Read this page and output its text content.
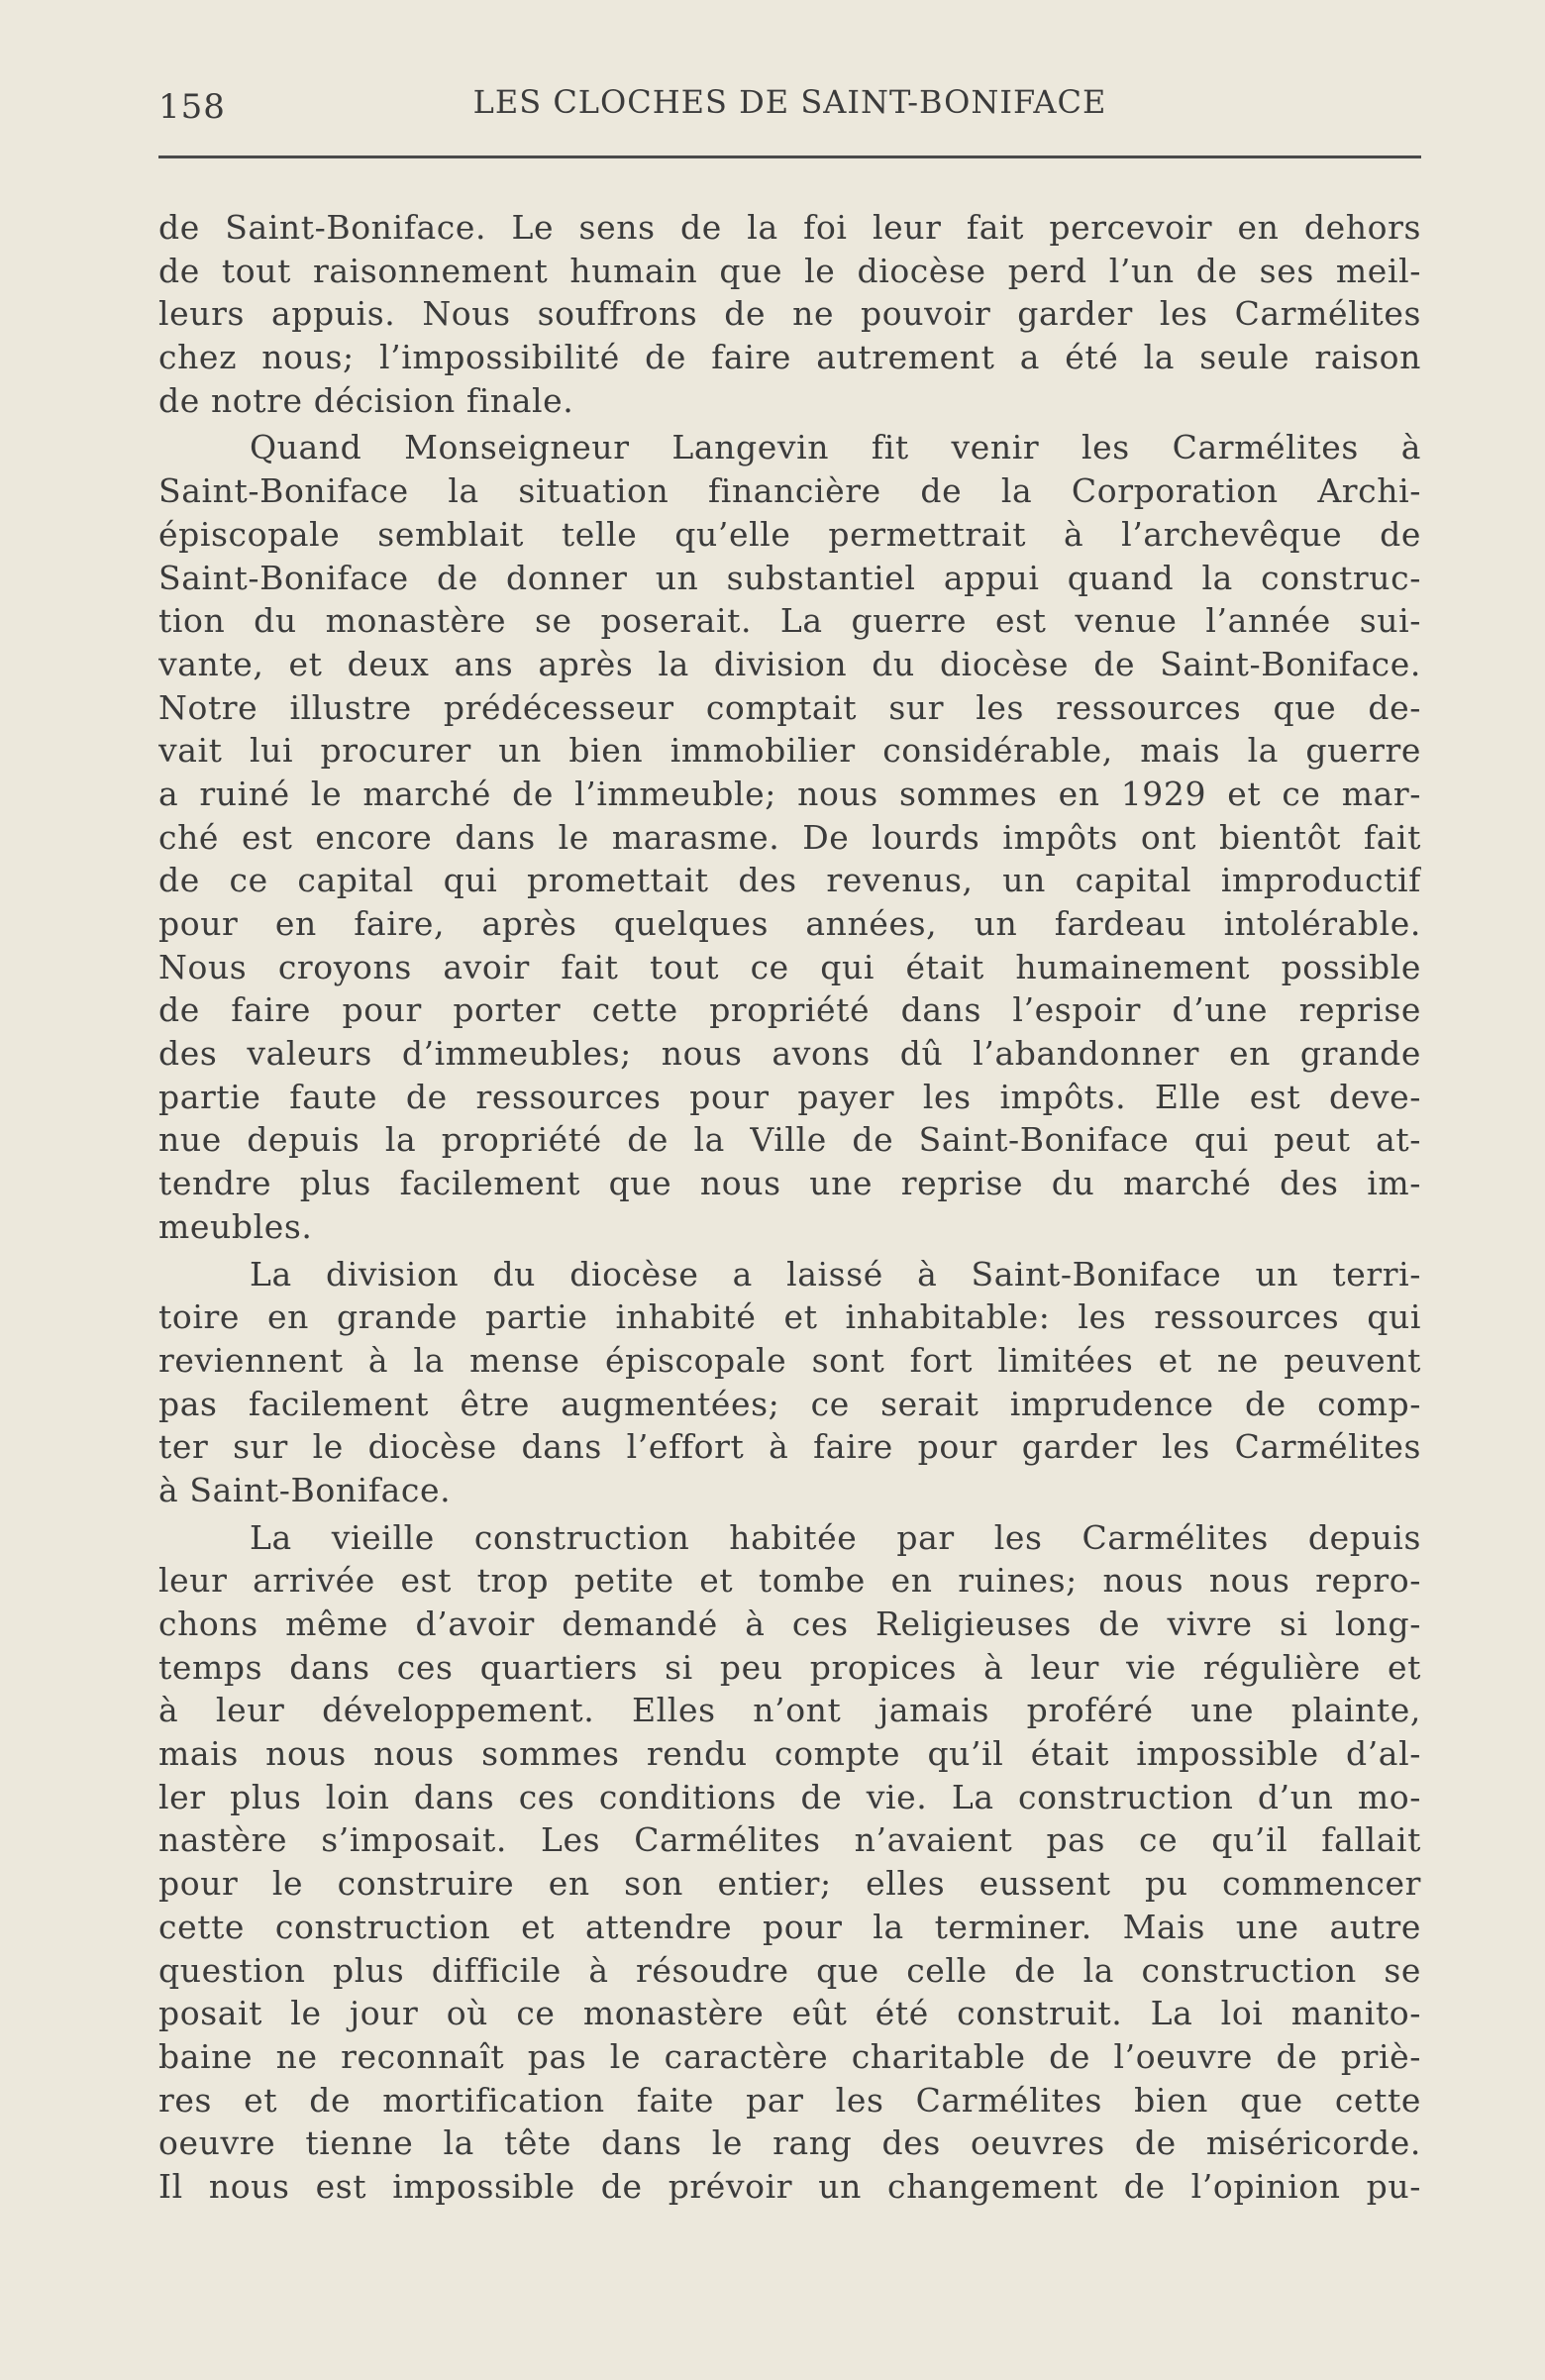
158	LES CLOCHES DE SAINT-BONIFACE
de Saint-Boniface. Le sens de la foi leur fait percevoir en dehors
de tout raisonnement humain que le diocèse perd l’un de ses meil-
leurs appuis. Nous souffrons de ne pouvoir garder les Carmélites
chez nous; l’impossibilité de faire autrement a été la seule raison
de notre décision finale.
Quand Monseigneur Langevin fit venir les Carmélites à
Saint-Boniface la situation financière de la Corporation Archi-
épiscopale semblait telle qu’elle permettrait à l’archevêque de
Saint-Boniface de donner un substantiel appui quand la construc-
tion du monastère se poserait. La guerre est venue l’année sui-
vante, et deux ans après la division du diocèse de Saint-Boniface.
Notre illustre prédécesseur comptait sur les ressources que de-
vait lui procurer un bien immobilier considérable, mais la guerre
a ruiné le marché de l’immeuble; nous sommes en 1929 et ce mar-
ché est encore dans le marasme. De lourds impôts ont bientôt fait
de ce capital qui promettait des revenus, un capital improductif
pour en faire, après quelques années, un fardeau intolérable.
Nous croyons avoir fait tout ce qui était humainement possible
de faire pour porter cette propriété dans l’espoir d’une reprise
des valeurs d’immeubles; nous avons dû l’abandonner en grande
partie faute de ressources pour payer les impôts. Elle est deve-
nue depuis la propriété de la Ville de Saint-Boniface qui peut at-
tendre plus facilement que nous une reprise du marché des im-
meubles.
La division du diocèse a laissé à Saint-Boniface un terri-
toire en grande partie inhabité et inhabitable: les ressources qui
reviennent à la mense épiscopale sont fort limitées et ne peuvent
pas facilement être augmentées; ce serait imprudence de comp-
ter sur le diocèse dans l’effort à faire pour garder les Carmélites
à Saint-Boniface.
La vieille construction habitée par les Carmélites depuis
leur arrivée est trop petite et tombe en ruines; nous nous repro-
chons même d’avoir demandé à ces Religieuses de vivre si long-
temps dans ces quartiers si peu propices à leur vie régulière et
à leur développement. Elles n’ont jamais proféré une plainte,
mais nous nous sommes rendu compte qu’il était impossible d’al-
ler plus loin dans ces conditions de vie. La construction d’un mo-
nastère s’imposait. Les Carmélites n’avaient pas ce qu’il fallait
pour le construire en son entier; elles eussent pu commencer
cette construction et attendre pour la terminer. Mais une autre
question plus difficile à résoudre que celle de la construction se
posait le jour où ce monastère eût été construit. La loi manito-
baine ne reconnaît pas le caractère charitable de l’oeuvre de priè-
res et de mortification faite par les Carmélites bien que cette
oeuvre tienne la tête dans le rang des oeuvres de miséricorde.
Il nous est impossible de prévoir un changement de l’opinion pu-
